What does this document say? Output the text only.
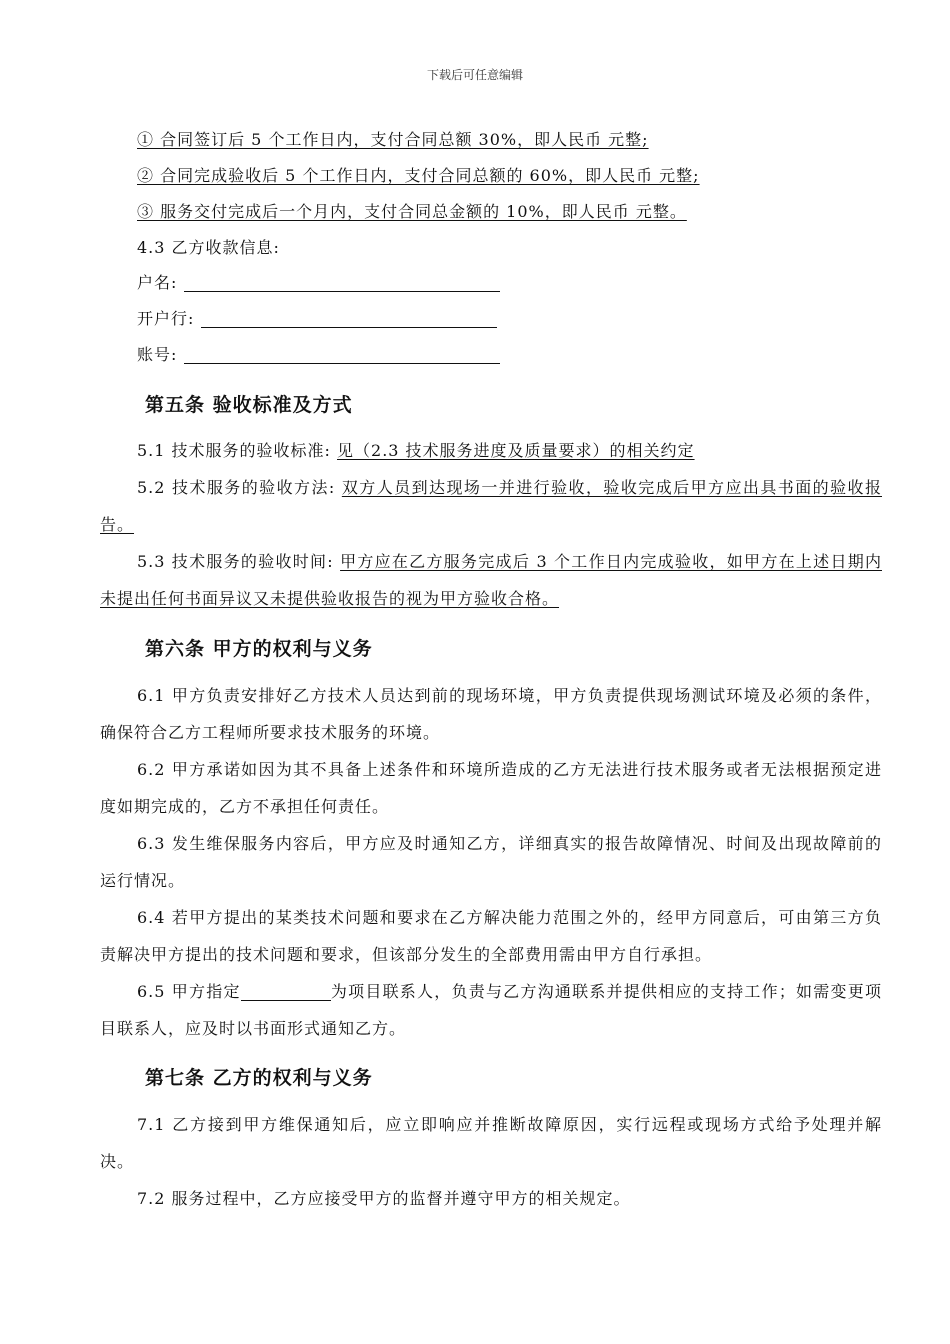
下载后可任意编辑
① 合同签订后 5 个工作日内，支付合同总额 30%，即人民币 元整;
② 合同完成验收后 5 个工作日内，支付合同总额的 60%，即人民币 元整;
③ 服务交付完成后一个月内，支付合同总金额的 10%，即人民币 元整。
4.3 乙方收款信息:
户名:
开户行:
账号:
第五条 验收标准及方式
5.1 技术服务的验收标准: 见（2.3 技术服务进度及质量要求）的相关约定
5.2 技术服务的验收方法: 双方人员到达现场一并进行验收，验收完成后甲方应出具书面的验收报告。
5.3 技术服务的验收时间: 甲方应在乙方服务完成后 3 个工作日内完成验收，如甲方在上述日期内未提出任何书面异议又未提供验收报告的视为甲方验收合格。
第六条 甲方的权利与义务
6.1 甲方负责安排好乙方技术人员达到前的现场环境，甲方负责提供现场测试环境及必须的条件，确保符合乙方工程师所要求技术服务的环境。
6.2 甲方承诺如因为其不具备上述条件和环境所造成的乙方无法进行技术服务或者无法根据预定进度如期完成的，乙方不承担任何责任。
6.3 发生维保服务内容后，甲方应及时通知乙方，详细真实的报告故障情况、时间及出现故障前的运行情况。
6.4 若甲方提出的某类技术问题和要求在乙方解决能力范围之外的，经甲方同意后，可由第三方负责解决甲方提出的技术问题和要求，但该部分发生的全部费用需由甲方自行承担。
6.5 甲方指定	为项目联系人，负责与乙方沟通联系并提供相应的支持工作；如需变更项目联系人，应及时以书面形式通知乙方。
第七条 乙方的权利与义务
7.1 乙方接到甲方维保通知后，应立即响应并推断故障原因，实行远程或现场方式给予处理并解决。
7.2 服务过程中，乙方应接受甲方的监督并遵守甲方的相关规定。
